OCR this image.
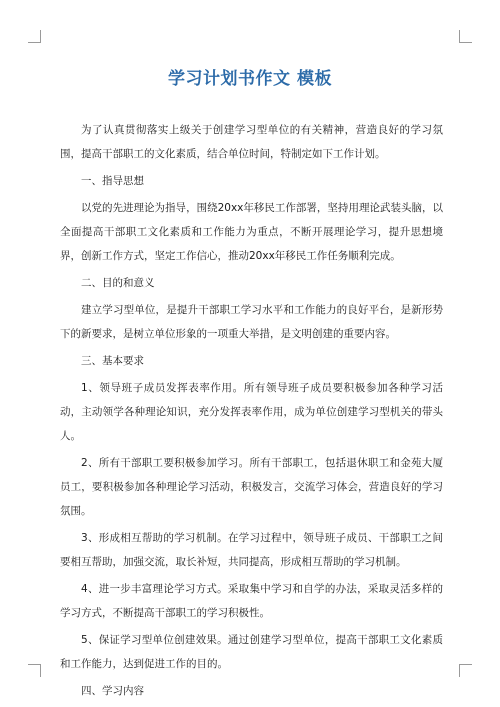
学习计划书作文 模板

为了认真贯彻落实上级关于创建学习型单位的有关精神，营造良好的学习氛围，提高干部职工的文化素质，结合单位时间，特制定如下工作计划。

一、指导思想

以党的先进理论为指导，围绕20xx年移民工作部署，坚持用理论武装头脑，以全面提高干部职工文化素质和工作能力为重点，不断开展理论学习，提升思想境界，创新工作方式，坚定工作信心，推动20xx年移民工作任务顺利完成。

二、目的和意义

建立学习型单位，是提升干部职工学习水平和工作能力的良好平台，是新形势下的新要求，是树立单位形象的一项重大举措，是文明创建的重要内容。

三、基本要求

1、领导班子成员发挥表率作用。所有领导班子成员要积极参加各种学习活动，主动领学各种理论知识，充分发挥表率作用，成为单位创建学习型机关的带头人。

2、所有干部职工要积极参加学习。所有干部职工，包括退休职工和金苑大厦员工，要积极参加各种理论学习活动，积极发言，交流学习体会，营造良好的学习氛围。

3、形成相互帮助的学习机制。在学习过程中，领导班子成员、干部职工之间要相互帮助，加强交流，取长补短，共同提高，形成相互帮助的学习机制。

4、进一步丰富理论学习方式。采取集中学习和自学的办法，采取灵活多样的学习方式，不断提高干部职工的学习积极性。

5、保证学习型单位创建效果。通过创建学习型单位，提高干部职工文化素质和工作能力，达到促进工作的目的。

四、学习内容
